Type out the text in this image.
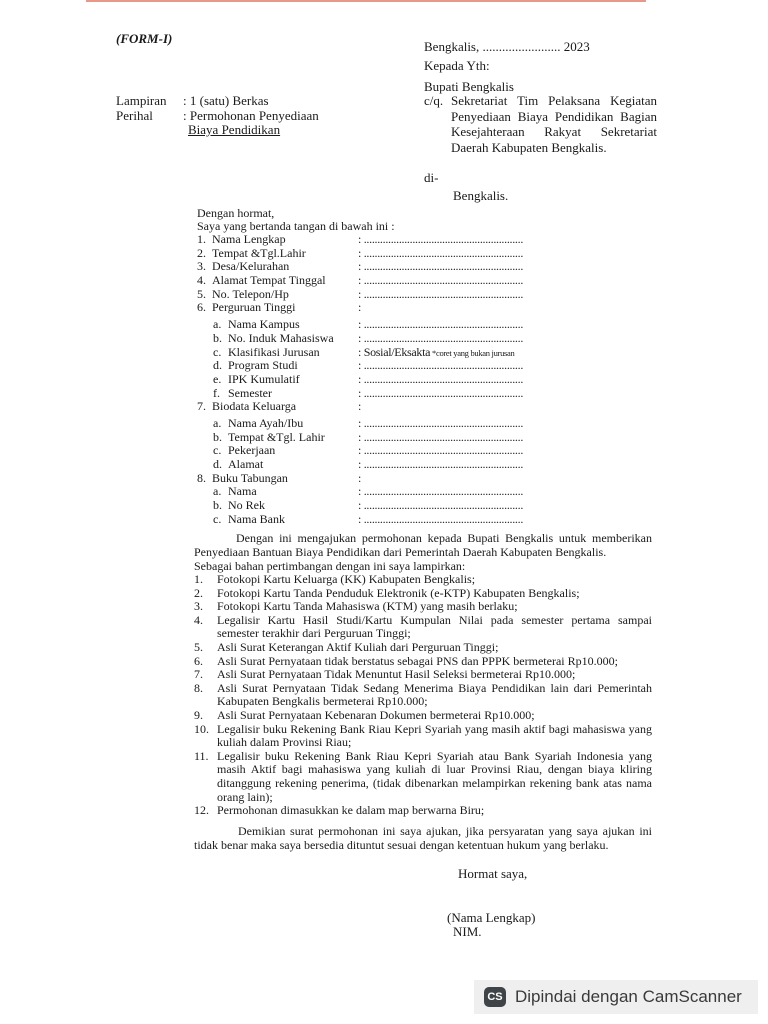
(FORM-I)
Bengkalis, ........................ 2023
Kepada Yth:
Bupati Bengkalis
c/q. Sekretariat Tim Pelaksana Kegiatan Penyediaan Biaya Pendidikan Bagian Kesejahteraan Rakyat Sekretariat Daerah Kabupaten Bengkalis.
di-
Bengkalis.
Lampiran : 1 (satu) Berkas
Perihal : Permohonan Penyediaan
Biaya Pendidikan
Dengan hormat,
Saya yang bertanda tangan di bawah ini :
1. Nama Lengkap	: ...........................................................
2. Tempat &Tgl.Lahir	: ...........................................................
3. Desa/Kelurahan	: ...........................................................
4. Alamat Tempat Tinggal	: ...........................................................
5. No. Telepon/Hp	: ...........................................................
6. Perguruan Tinggi	:
a. Nama Kampus	: ...........................................................
b. No. Induk Mahasiswa : ...........................................................
c. Klasifikasi Jurusan	: Sosial/Eksakta *coret yang bukan jurusan
d. Program Studi	: ...........................................................
e. IPK Kumulatif	: ...........................................................
f. Semester	: ...........................................................
7. Biodata Keluarga	:
a. Nama Ayah/Ibu	: ...........................................................
b. Tempat &Tgl. Lahir	: ...........................................................
c. Pekerjaan	: ...........................................................
d. Alamat	: ...........................................................
8. Buku Tabungan	:
a. Nama	: ...........................................................
b. No Rek	: ...........................................................
c. Nama Bank	: ...........................................................
Dengan ini mengajukan permohonan kepada Bupati Bengkalis untuk memberikan Penyediaan Bantuan Biaya Pendidikan dari Pemerintah Daerah Kabupaten Bengkalis.
Sebagai bahan pertimbangan dengan ini saya lampirkan:
1. Fotokopi Kartu Keluarga (KK) Kabupaten Bengkalis;
2. Fotokopi Kartu Tanda Penduduk Elektronik (e-KTP) Kabupaten Bengkalis;
3. Fotokopi Kartu Tanda Mahasiswa (KTM) yang masih berlaku;
4. Legalisir Kartu Hasil Studi/Kartu Kumpulan Nilai pada semester pertama sampai semester terakhir dari Perguruan Tinggi;
5. Asli Surat Keterangan Aktif Kuliah dari Perguruan Tinggi;
6. Asli Surat Pernyataan tidak berstatus sebagai PNS dan PPPK bermeterai Rp10.000;
7. Asli Surat Pernyataan Tidak Menuntut Hasil Seleksi bermeterai Rp10.000;
8. Asli Surat Pernyataan Tidak Sedang Menerima Biaya Pendidikan lain dari Pemerintah Kabupaten Bengkalis bermeterai Rp10.000;
9. Asli Surat Pernyataan Kebenaran Dokumen bermeterai Rp10.000;
10. Legalisir buku Rekening Bank Riau Kepri Syariah yang masih aktif bagi mahasiswa yang kuliah dalam Provinsi Riau;
11. Legalisir buku Rekening Bank Riau Kepri Syariah atau Bank Syariah Indonesia yang masih Aktif bagi mahasiswa yang kuliah di luar Provinsi Riau, dengan biaya kliring ditanggung rekening penerima, (tidak dibenarkan melampirkan rekening bank atas nama orang lain);
12. Permohonan dimasukkan ke dalam map berwarna Biru;
Demikian surat permohonan ini saya ajukan, jika persyaratan yang saya ajukan ini tidak benar maka saya bersedia dituntut sesuai dengan ketentuan hukum yang berlaku.
Hormat saya,
(Nama Lengkap)
NIM.
CS Dipindai dengan CamScanner
